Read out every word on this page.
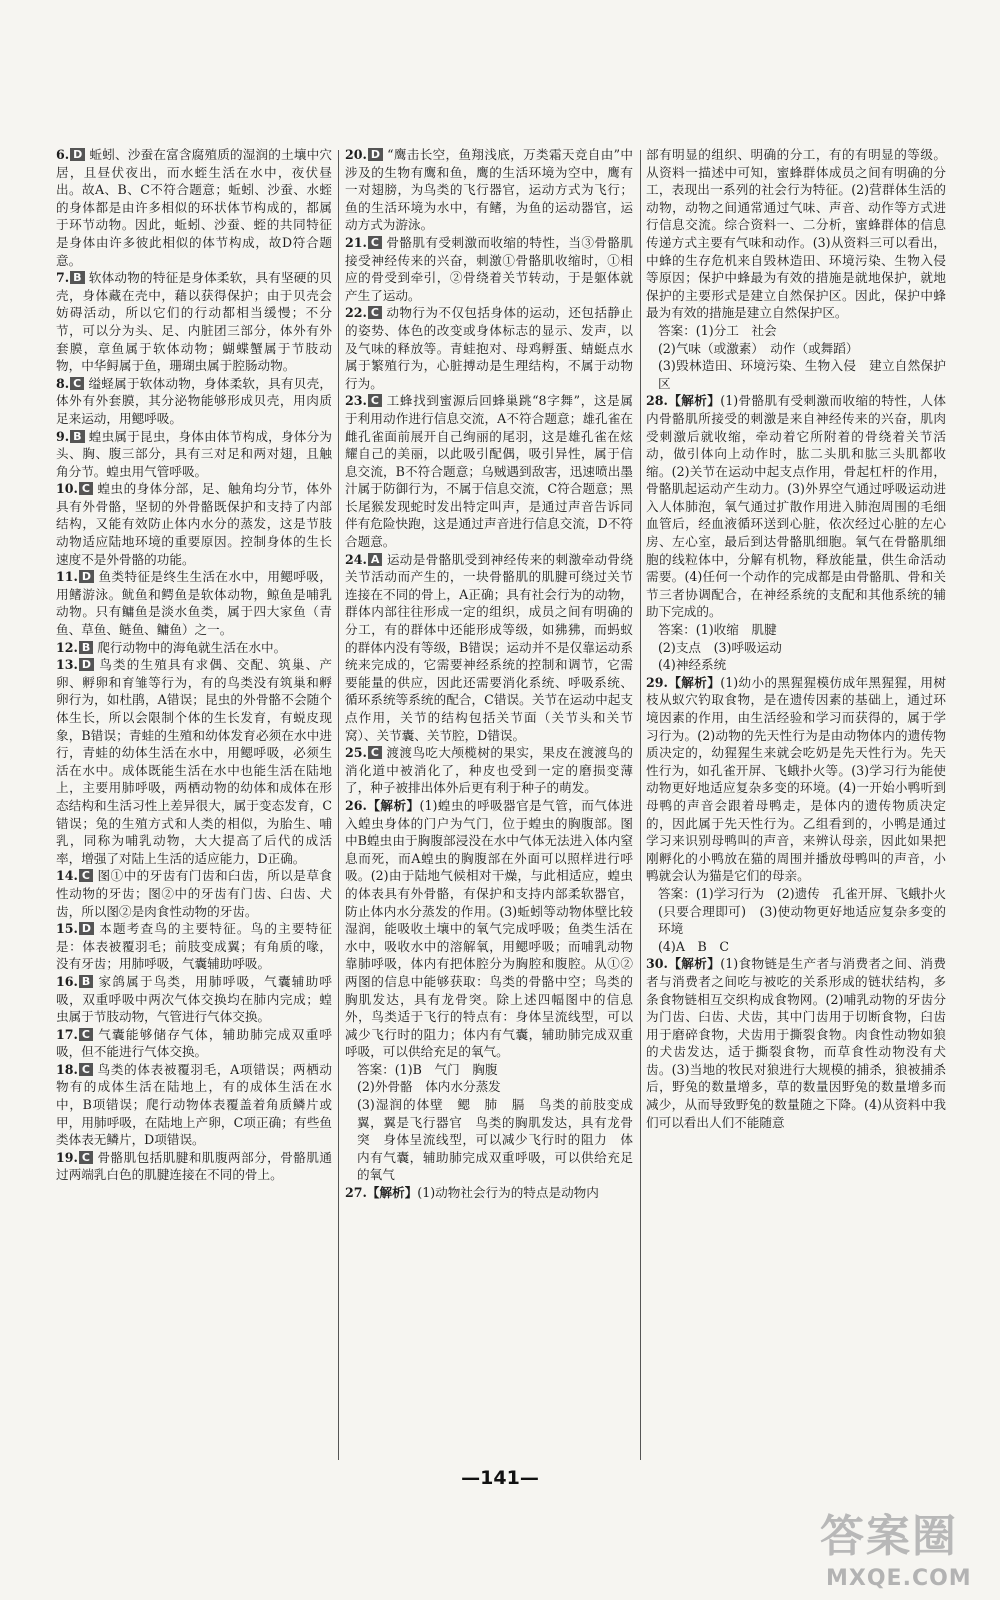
6. D 蚯蚓、沙蚕在富含腐殖质的湿润的土壤中穴居，且昼伏夜出，而水蛭生活在水中，夜伏昼出。故A、B、C不符合题意；蚯蚓、沙蚕、水蛭的身体都是由许多相似的环状体节构成的，都属于环节动物。因此，蚯蚓、沙蚕、蛭的共同特征是身体由许多彼此相似的体节构成，故D符合题意。

7. B 软体动物的特征是身体柔软，具有坚硬的贝壳，身体藏在壳中，藉以获得保护；由于贝壳会妨碍活动，所以它们的行动都相当缓慢；不分节，可以分为头、足、内脏团三部分，体外有外套膜，章鱼属于软体动物；蝴蝶蟹属于节肢动物，中华鲟属于鱼，珊瑚虫属于腔肠动物。

8. C 缢蛏属于软体动物，身体柔软，具有贝壳，体外有外套膜，其分泌物能够形成贝壳，用肉质足来运动，用鳃呼吸。

9. B 蝗虫属于昆虫，身体由体节构成，身体分为头、胸、腹三部分，具有三对足和两对翅，且触角分节。蝗虫用气管呼吸。

10. C 蝗虫的身体分部，足、触角均分节，体外具有外骨骼，坚韧的外骨骼既保护和支持了内部结构，又能有效防止体内水分的蒸发，这是节肢动物适应陆地环境的重要原因。控制身体的生长速度不是外骨骼的功能。

11. D 鱼类特征是终生生活在水中，用鳃呼吸，用鳍游泳。鱿鱼和鳄鱼是软体动物，鲸鱼是哺乳动物。只有鳙鱼是淡水鱼类，属于四大家鱼（青鱼、草鱼、鲢鱼、鳙鱼）之一。

12. B 爬行动物中的海龟就生活在水中。

13. D 鸟类的生殖具有求偶、交配、筑巢、产卵、孵卵和育雏等行为，有的鸟类没有筑巢和孵卵行为，如杜鹃，A错误；昆虫的外骨骼不会随个体生长，所以会限制个体的生长发育，有蜕皮现象，B错误；青蛙的生殖和幼体发育必须在水中进行，青蛙的幼体生活在水中，用鳃呼吸，必须生活在水中。成体既能生活在水中也能生活在陆地上，主要用肺呼吸，两栖动物的幼体和成体在形态结构和生活习性上差异很大，属于变态发育，C错误；兔的生殖方式和人类的相似，为胎生、哺乳，同称为哺乳动物，大大提高了后代的成活率，增强了对陆上生活的适应能力，D正确。

14. C 图①中的牙齿有门齿和臼齿，所以是草食性动物的牙齿；图②中的牙齿有门齿、臼齿、犬齿，所以图②是肉食性动物的牙齿。

15. D 本题考查鸟的主要特征。鸟的主要特征是：体表被覆羽毛；前肢变成翼；有角质的喙，没有牙齿；用肺呼吸，气囊辅助呼吸。

16. B 家鸽属于鸟类，用肺呼吸，气囊辅助呼吸，双重呼吸中两次气体交换均在肺内完成；蝗虫属于节肢动物，气管进行气体交换。

17. C 气囊能够储存气体，辅助肺完成双重呼吸，但不能进行气体交换。

18. C 鸟类的体表被覆羽毛，A项错误；两栖动物有的成体生活在陆地上，有的成体生活在水中，B项错误；爬行动物体表覆盖着角质鳞片或甲，用肺呼吸，在陆地上产卵，C项正确；有些鱼类体表无鳞片，D项错误。

19. C 骨骼肌包括肌腱和肌腹两部分，骨骼肌通过两端乳白色的肌腱连接在不同的骨上。

20. D “鹰击长空，鱼翔浅底，万类霜天竞自由”中涉及的生物有鹰和鱼，鹰的生活环境为空中，鹰有一对翅膀，为鸟类的飞行器官，运动方式为飞行；鱼的生活环境为水中，有鳍，为鱼的运动器官，运动方式为游泳。

21. C 骨骼肌有受刺激而收缩的特性，当③骨骼肌接受神经传来的兴奋，刺激①骨骼肌收缩时，①相应的骨受到牵引，②骨绕着关节转动，于是躯体就产生了运动。

22. C 动物行为不仅包括身体的运动，还包括静止的姿势、体色的改变或身体标志的显示、发声，以及气味的释放等。青蛙抱对、母鸡孵蛋、蜻蜓点水属于繁殖行为，心脏搏动是生理结构，不属于动物行为。

23. C 工蜂找到蜜源后回蜂巢跳“8字舞”，这是属于利用动作进行信息交流，A不符合题意；雄孔雀在雌孔雀面前展开自己绚丽的尾羽，这是雄孔雀在炫耀自己的美丽，以此吸引配偶，吸引异性，属于信息交流，B不符合题意；乌贼遇到敌害，迅速喷出墨汁属于防御行为，不属于信息交流，C符合题意；黑长尾猴发现蛇时发出特定叫声，是通过声音告诉同伴有危险快跑，这是通过声音进行信息交流，D不符合题意。

24. A 运动是骨骼肌受到神经传来的刺激牵动骨绕关节活动而产生的，一块骨骼肌的肌腱可绕过关节连接在不同的骨上，A正确；具有社会行为的动物，群体内部往往形成一定的组织，成员之间有明确的分工，有的群体中还能形成等级，如狒狒，而蚂蚁的群体内没有等级，B错误；运动并不是仅靠运动系统来完成的，它需要神经系统的控制和调节，它需要能量的供应，因此还需要消化系统、呼吸系统、循环系统等系统的配合，C错误。关节在运动中起支点作用，关节的结构包括关节面（关节头和关节窝）、关节囊、关节腔，D错误。

25. C 渡渡鸟吃大颅榄树的果实，果皮在渡渡鸟的消化道中被消化了，种皮也受到一定的磨损变薄了，种子被排出体外后更有利于种子的萌发。

26.【解析】(1)蝗虫的呼吸器官是气管，而气体进入蝗虫身体的门户为气门，位于蝗虫的胸腹部。图中B蝗虫由于胸腹部浸没在水中气体无法进入体内窒息而死，而A蝗虫的胸腹部在外面可以照样进行呼吸。(2)由于陆地气候相对干燥，与此相适应，蝗虫的体表具有外骨骼，有保护和支持内部柔软器官，防止体内水分蒸发的作用。(3)蚯蚓等动物体壁比较湿润，能吸收土壤中的氧气完成呼吸；鱼类生活在水中，吸收水中的溶解氧，用鳃呼吸；而哺乳动物靠肺呼吸，体内有把体腔分为胸腔和腹腔。从①②两图的信息中能够获取：鸟类的骨骼中空；鸟类的胸肌发达，具有龙骨突。除上述四幅图中的信息外，鸟类适于飞行的特点有：身体呈流线型，可以减少飞行时的阻力；体内有气囊，辅助肺完成双重呼吸，可以供给充足的氧气。

答案：(1)B　气门　胸腹

(2)外骨骼　体内水分蒸发

(3)湿润的体壁　鳃　肺　膈　鸟类的前肢变成翼，翼是飞行器官　鸟类的胸肌发达，具有龙骨突　身体呈流线型，可以减少飞行时的阻力　体内有气囊，辅助肺完成双重呼吸，可以供给充足的氧气

27.【解析】(1)动物社会行为的特点是动物内

部有明显的组织、明确的分工，有的有明显的等级。从资料一描述中可知，蜜蜂群体成员之间有明确的分工，表现出一系列的社会行为特征。(2)营群体生活的动物，动物之间通常通过气味、声音、动作等方式进行信息交流。综合资料一、二分析，蜜蜂群体的信息传递方式主要有气味和动作。(3)从资料三可以看出，中蜂的生存危机来自毁林造田、环境污染、生物入侵等原因；保护中蜂最为有效的措施是就地保护，就地保护的主要形式是建立自然保护区。因此，保护中蜂最为有效的措施是建立自然保护区。

答案：(1)分工　社会

(2)气味（或激素）　动作（或舞蹈）

(3)毁林造田、环境污染、生物入侵　建立自然保护区

28.【解析】(1)骨骼肌有受刺激而收缩的特性，人体内骨骼肌所接受的刺激是来自神经传来的兴奋，肌肉受刺激后就收缩，牵动着它所附着的骨绕着关节活动，做引体向上动作时，肱二头肌和肱三头肌都收缩。(2)关节在运动中起支点作用，骨起杠杆的作用，骨骼肌起运动产生动力。(3)外界空气通过呼吸运动进入人体肺泡，氧气通过扩散作用进入肺泡周围的毛细血管后，经血液循环送到心脏，依次经过心脏的左心房、左心室，最后到达骨骼肌细胞。氧气在骨骼肌细胞的线粒体中，分解有机物，释放能量，供生命活动需要。(4)任何一个动作的完成都是由骨骼肌、骨和关节三者协调配合，在神经系统的支配和其他系统的辅助下完成的。

答案：(1)收缩　肌腱

(2)支点　(3)呼吸运动

(4)神经系统

29.【解析】(1)幼小的黑猩猩模仿成年黑猩猩，用树枝从蚁穴钓取食物，是在遗传因素的基础上，通过环境因素的作用，由生活经验和学习而获得的，属于学习行为。(2)动物的先天性行为是由动物体内的遗传物质决定的，幼猩猩生来就会吃奶是先天性行为。先天性行为，如孔雀开屏、飞蛾扑火等。(3)学习行为能使动物更好地适应复杂多变的环境。(4)一开始小鸭听到母鸭的声音会跟着母鸭走，是体内的遗传物质决定的，因此属于先天性行为。乙组看到的，小鸭是通过学习来识别母鸭叫的声音，来辨认母亲，因此如果把刚孵化的小鸭放在猫的周围并播放母鸭叫的声音，小鸭就会认为猫是它们的母亲。

答案：(1)学习行为　(2)遗传　孔雀开屏、飞蛾扑火(只要合理即可)　(3)使动物更好地适应复杂多变的环境

(4)A　B　C

30.【解析】(1)食物链是生产者与消费者之间、消费者与消费者之间吃与被吃的关系形成的链状结构，多条食物链相互交织构成食物网。(2)哺乳动物的牙齿分为门齿、臼齿、犬齿，其中门齿用于切断食物，臼齿用于磨碎食物，犬齿用于撕裂食物。肉食性动物如狼的犬齿发达，适于撕裂食物，而草食性动物没有犬齿。(3)当地的牧民对狼进行大规模的捕杀，狼被捕杀后，野兔的数量增多，草的数量因野兔的数量增多而减少，从而导致野兔的数量随之下降。(4)从资料中我们可以看出人们不能随意

—141—
答案圈
MXQE.COM
